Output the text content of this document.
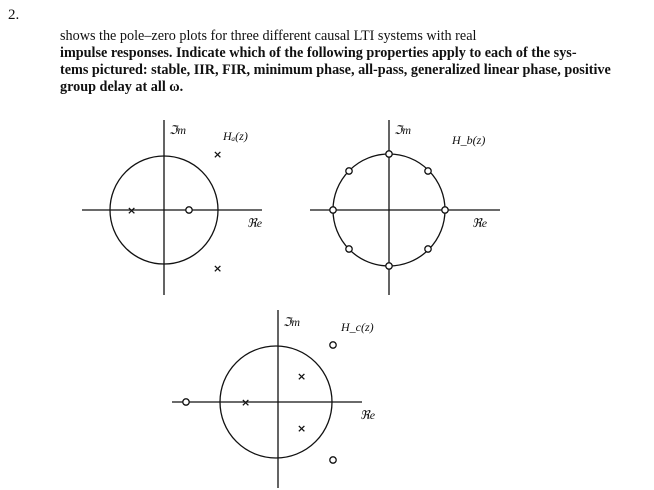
2.
shows the pole–zero plots for three different causal LTI systems with real
impulse responses. Indicate which of the following properties apply to each of the sys-
tems pictured: stable, IIR, FIR, minimum phase, all-pass, generalized linear phase, positive
group delay at all ω.
ℑm	Hₐ(z)
ℜe
×
×
×
ℑm
H_b(z)
ℜe
ℑm	H_c(z)
ℜe
×
×
×
